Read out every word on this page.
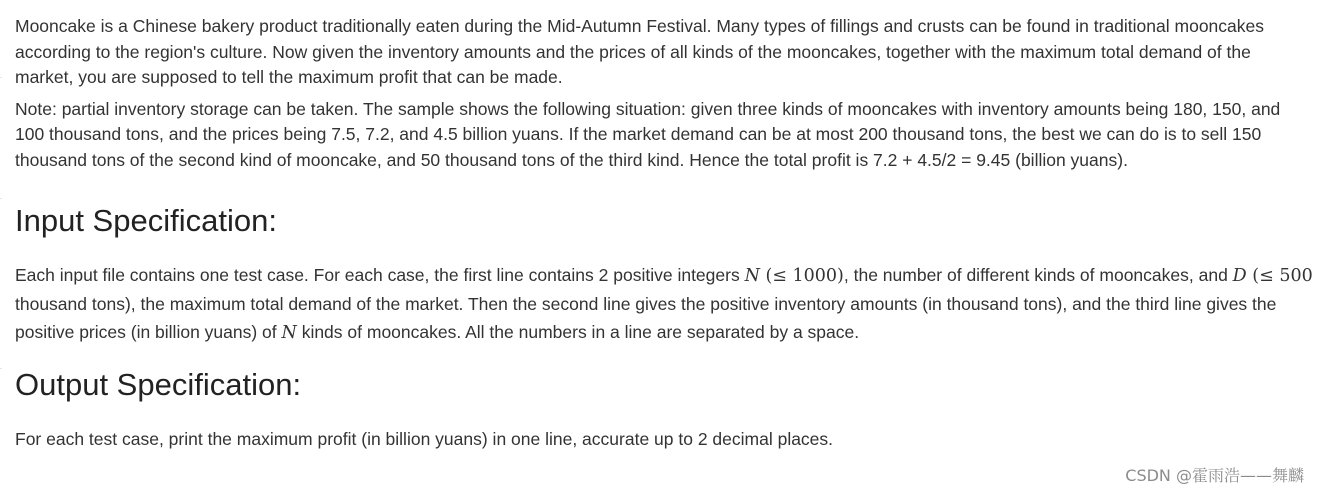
Mooncake is a Chinese bakery product traditionally eaten during the Mid-Autumn Festival. Many types of fillings and crusts can be found in traditional mooncakes according to the region's culture. Now given the inventory amounts and the prices of all kinds of the mooncakes, together with the maximum total demand of the market, you are supposed to tell the maximum profit that can be made.

Note: partial inventory storage can be taken. The sample shows the following situation: given three kinds of mooncakes with inventory amounts being 180, 150, and 100 thousand tons, and the prices being 7.5, 7.2, and 4.5 billion yuans. If the market demand can be at most 200 thousand tons, the best we can do is to sell 150 thousand tons of the second kind of mooncake, and 50 thousand tons of the third kind. Hence the total profit is 7.2 + 4.5/2 = 9.45 (billion yuans).

Input Specification:

Each input file contains one test case. For each case, the first line contains 2 positive integers N (≤ 1000), the number of different kinds of mooncakes, and D (≤ 500 thousand tons), the maximum total demand of the market. Then the second line gives the positive inventory amounts (in thousand tons), and the third line gives the positive prices (in billion yuans) of N kinds of mooncakes. All the numbers in a line are separated by a space.

Output Specification:

For each test case, print the maximum profit (in billion yuans) in one line, accurate up to 2 decimal places.

CSDN @霍雨浩——舞麟
